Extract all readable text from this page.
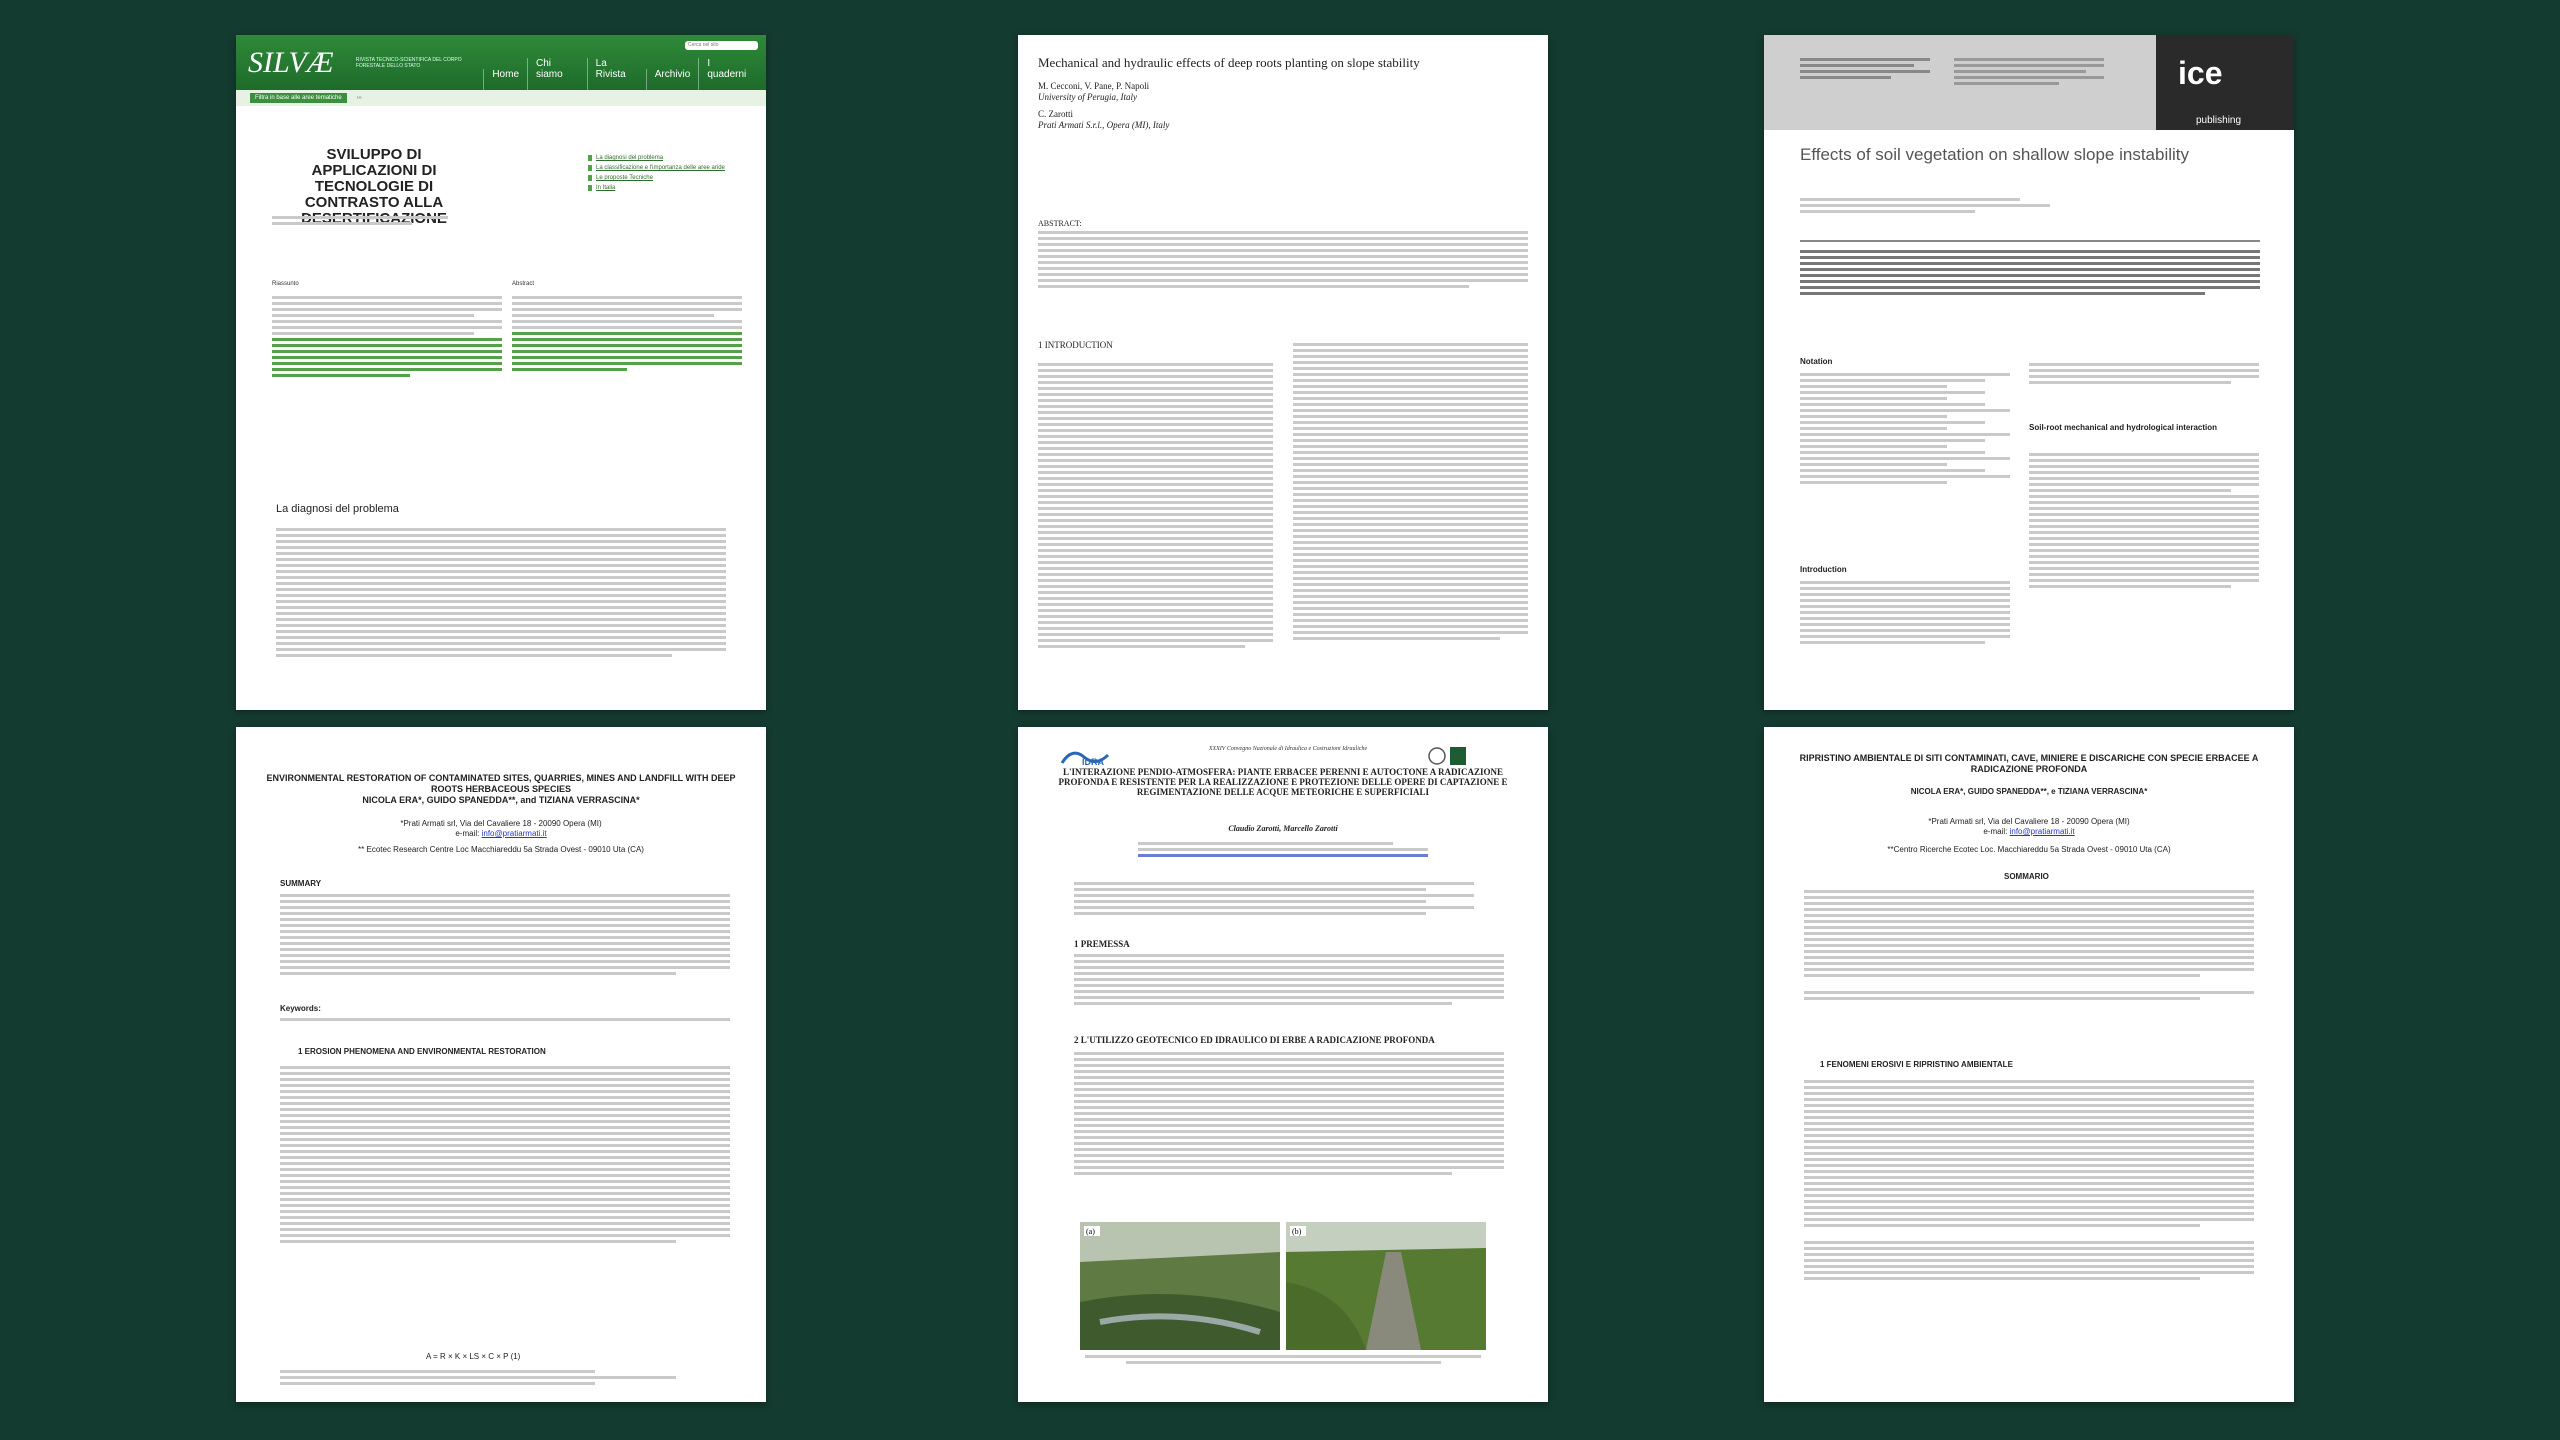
SILVÆ	RIVISTA TECNICO-SCIENTIFICA DEL CORPO FORESTALE DELLO STATO
Home
Chi siamo
La Rivista	Archivio
I quaderni
Cerca nel sito
Filtra in base alle aree tematiche	›››
SVILUPPO DI APPLICAZIONI DI TECNOLOGIE DI CONTRASTO ALLA
La diagnosi del problema
La classificazione e l'importanza delle aree aride
Le proposte Tecniche
In Italia
Riassunto	Abstract
La diagnosi del problema
Mechanical and hydraulic effects of deep roots planting on slope stability
M. Cecconi, V. Pane, P. Napoli
University of Perugia, Italy
C. Zarotti
Prati Armati S.r.l., Opera (MI), Italy
ABSTRACT:
1 INTRODUCTION
ice
publishing
Effects of soil vegetation on shallow slope instability
Notation
Introduction
Soil-root mechanical and hydrological interaction
ENVIRONMENTAL RESTORATION OF CONTAMINATED SITES, QUARRIES, MINES AND LANDFILL WITH DEEP ROOTS HERBACEOUS SPECIES
NICOLA ERA*, GUIDO SPANEDDA**, and TIZIANA VERRASCINA*
*Prati Armati srl, Via del Cavaliere 18 - 20090 Opera (MI)
e-mail: info@pratiarmati.it
** Ecotec Research Centre Loc Macchiareddu 5a Strada Ovest - 09010 Uta (CA)
SUMMARY
Keywords:
1 EROSION PHENOMENA AND ENVIRONMENTAL RESTORATION
A = R × K × LS × C × P (1)
IDRA
XXXIV Convegno Nazionale di Idraulica e Costruzioni Idrauliche
L'INTERAZIONE PENDIO-ATMOSFERA: PIANTE ERBACEE PERENNI E AUTOCTONE A RADICAZIONE PROFONDA E RESISTENTE PER LA REALIZZAZIONE E PROTEZIONE DELLE OPERE DI CAPTAZIONE E REGIMENTAZIONE DELLE ACQUE METEORICHE E SUPERFICIALI
Claudio Zarotti, Marcello Zarotti
1 PREMESSA
2 L'UTILIZZO GEOTECNICO ED IDRAULICO DI ERBE A RADICAZIONE PROFONDA
(a)	(b)
RIPRISTINO AMBIENTALE DI SITI CONTAMINATI, CAVE, MINIERE E DISCARICHE CON SPECIE ERBACEE A RADICAZIONE PROFONDA
NICOLA ERA*, GUIDO SPANEDDA**, e TIZIANA VERRASCINA*
*Prati Armati srl, Via del Cavaliere 18 - 20090 Opera (MI)
e-mail: info@pratiarmati.it
**Centro Ricerche Ecotec Loc. Macchiareddu 5a Strada Ovest - 09010 Uta (CA)
SOMMARIO
1 FENOMENI EROSIVI E RIPRISTINO AMBIENTALE
